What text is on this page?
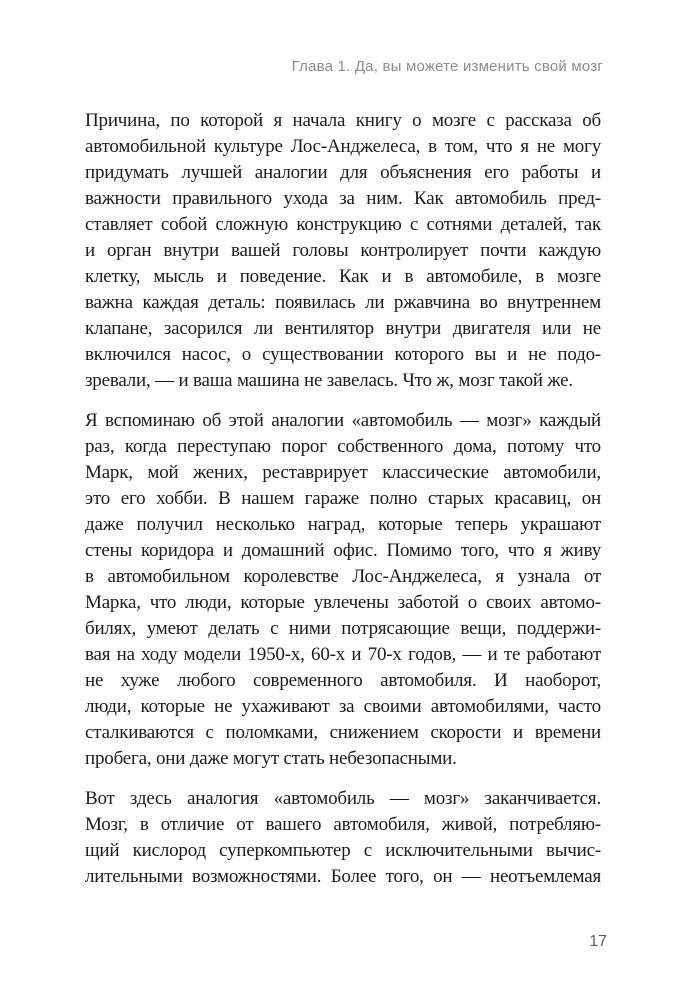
Глава 1. Да, вы можете изменить свой мозг

Причина, по которой я начала книгу о мозге с рассказа об
автомобильной культуре Лос-Анджелеса, в том, что я не могу
придумать лучшей аналогии для объяснения его работы и
важности правильного ухода за ним. Как автомобиль пред-
ставляет собой сложную конструкцию с сотнями деталей, так
и орган внутри вашей головы контролирует почти каждую
клетку, мысль и поведение. Как и в автомобиле, в мозге
важна каждая деталь: появилась ли ржавчина во внутреннем
клапане, засорился ли вентилятор внутри двигателя или не
включился насос, о существовании которого вы и не подо-
зревали, — и ваша машина не завелась. Что ж, мозг такой же.

Я вспоминаю об этой аналогии «автомобиль — мозг» каждый
раз, когда переступаю порог собственного дома, потому что
Марк, мой жених, реставрирует классические автомобили,
это его хобби. В нашем гараже полно старых красавиц, он
даже получил несколько наград, которые теперь украшают
стены коридора и домашний офис. Помимо того, что я живу
в автомобильном королевстве Лос-Анджелеса, я узнала от
Марка, что люди, которые увлечены заботой о своих автомо-
билях, умеют делать с ними потрясающие вещи, поддержи-
вая на ходу модели 1950-х, 60-х и 70-х годов, — и те работают
не хуже любого современного автомобиля. И наоборот,
люди, которые не ухаживают за своими автомобилями, часто
сталкиваются с поломками, снижением скорости и времени
пробега, они даже могут стать небезопасными.

Вот здесь аналогия «автомобиль — мозг» заканчивается.
Мозг, в отличие от вашего автомобиля, живой, потребляю-
щий кислород суперкомпьютер с исключительными вычис-
лительными возможностями. Более того, он — неотъемлемая

17
